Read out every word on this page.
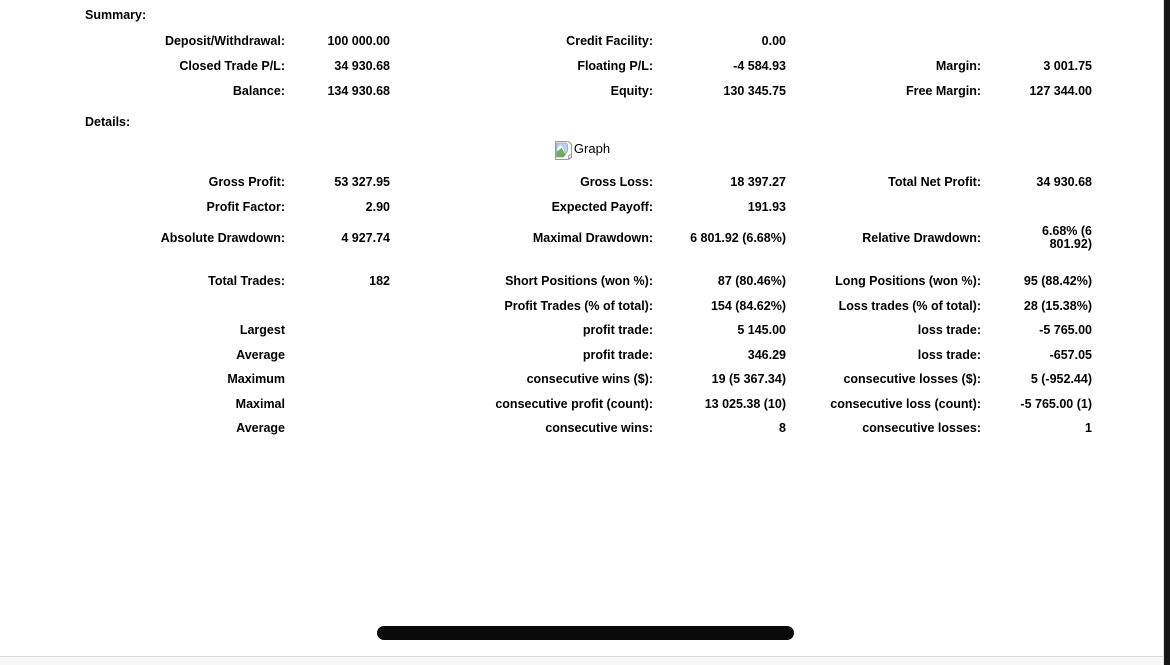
Summary:
Deposit/Withdrawal:	100 000.00	Credit Facility:	0.00
Closed Trade P/L:	34 930.68	Floating P/L:	-4 584.93	Margin:	3 001.75
Balance:	134 930.68	Equity:	130 345.75	Free Margin:	127 344.00
Details:
Graph
Gross Profit:	53 327.95	Gross Loss:	18 397.27	Total Net Profit:	34 930.68
Profit Factor:	2.90	Expected Payoff:	191.93
Absolute Drawdown:	4 927.74	Maximal Drawdown:	6 801.92 (6.68%)	Relative Drawdown:	6.68% (6 801.92)
Total Trades:	182	Short Positions (won %):	87 (80.46%)	Long Positions (won %):	95 (88.42%)
Profit Trades (% of total):	154 (84.62%)	Loss trades (% of total):	28 (15.38%)
Largest	profit trade:	5 145.00	loss trade:	-5 765.00
Average	profit trade:	346.29	loss trade:	-657.05
Maximum	consecutive wins ($):	19 (5 367.34)	consecutive losses ($):	5 (-952.44)
Maximal	consecutive profit (count):	13 025.38 (10)	consecutive loss (count):	-5 765.00 (1)
Average	consecutive wins:	8	consecutive losses:	1
